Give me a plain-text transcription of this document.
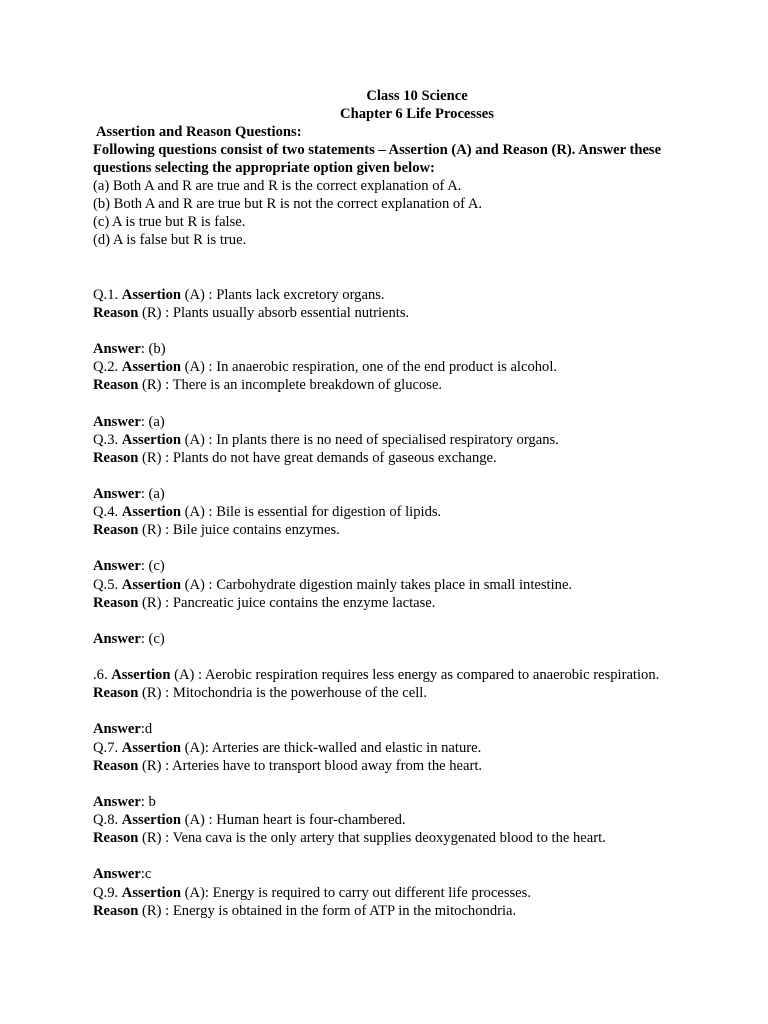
Class 10 Science
Chapter 6 Life Processes
Assertion and Reason Questions:
Following questions consist of two statements – Assertion (A) and Reason (R). Answer these
questions selecting the appropriate option given below:
(a) Both A and R are true and R is the correct explanation of A.
(b) Both A and R are true but R is not the correct explanation of A.
(c) A is true but R is false.
(d) A is false but R is true.
Q.1. Assertion (A) : Plants lack excretory organs.
Reason (R) : Plants usually absorb essential nutrients.
Answer: (b)
Q.2. Assertion (A) : In anaerobic respiration, one of the end product is alcohol.
Reason (R) : There is an incomplete breakdown of glucose.
Answer: (a)
Q.3. Assertion (A) : In plants there is no need of specialised respiratory organs.
Reason (R) : Plants do not have great demands of gaseous exchange.
Answer: (a)
Q.4. Assertion (A) : Bile is essential for digestion of lipids.
Reason (R) : Bile juice contains enzymes.
Answer: (c)
Q.5. Assertion (A) : Carbohydrate digestion mainly takes place in small intestine.
Reason (R) : Pancreatic juice contains the enzyme lactase.
Answer: (c)
.6. Assertion (A) : Aerobic respiration requires less energy as compared to anaerobic respiration.
Reason (R) : Mitochondria is the powerhouse of the cell.
Answer:d
Q.7. Assertion (A): Arteries are thick-walled and elastic in nature.
Reason (R) : Arteries have to transport blood away from the heart.
Answer: b
Q.8. Assertion (A) : Human heart is four-chambered.
Reason (R) : Vena cava is the only artery that supplies deoxygenated blood to the heart.
Answer:c
Q.9. Assertion (A): Energy is required to carry out different life processes.
Reason (R) : Energy is obtained in the form of ATP in the mitochondria.
